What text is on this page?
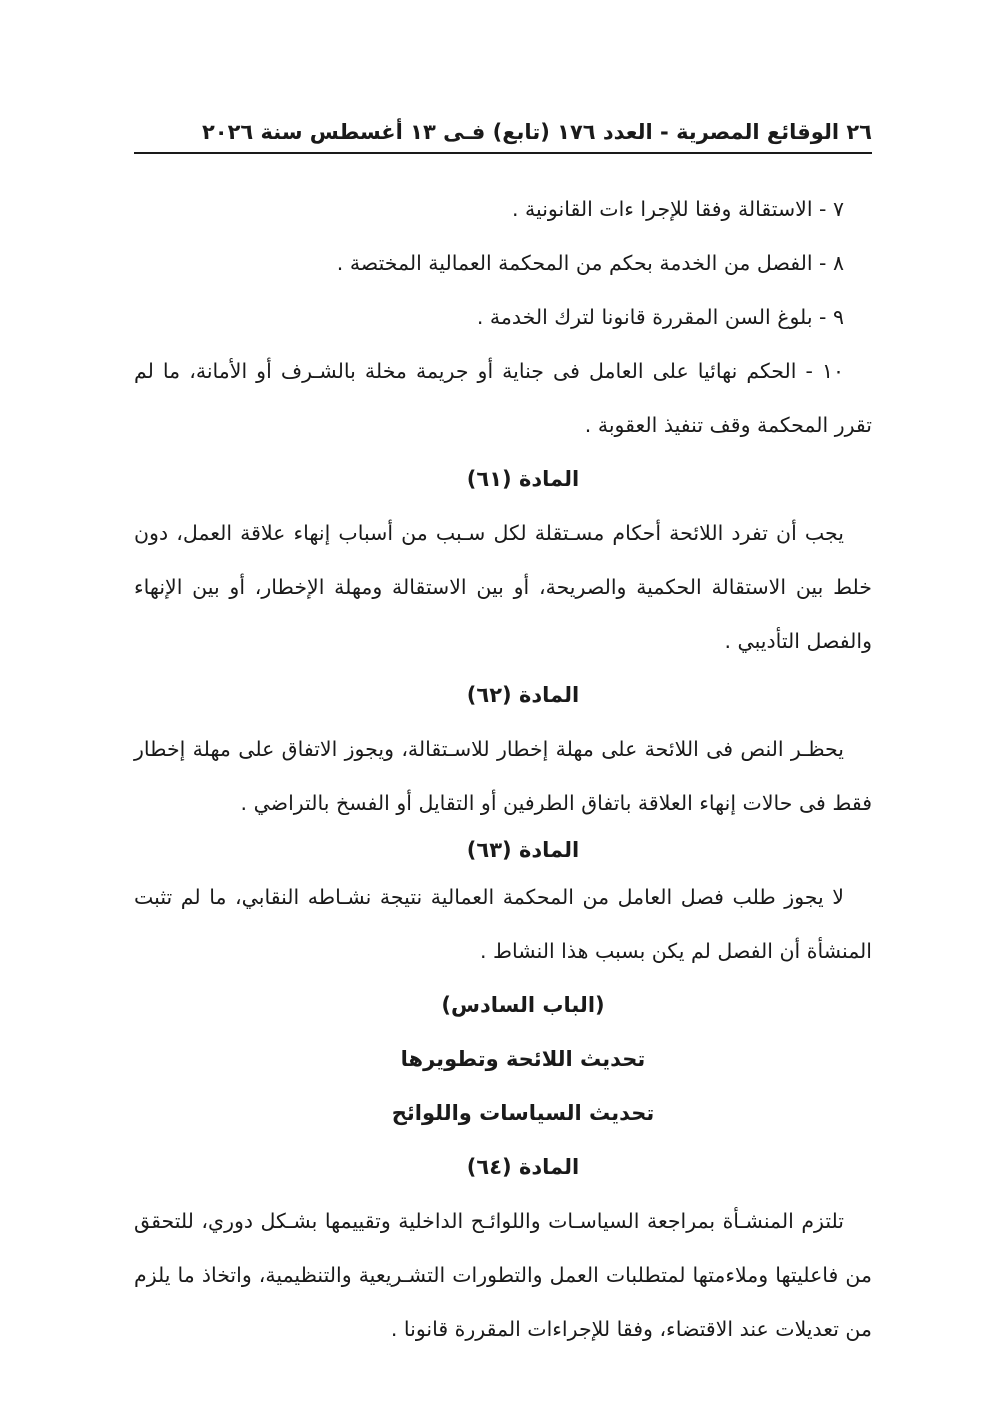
٢٦ الوقائع المصرية - العدد ١٧٦ (تابع) فـى ١٣ أغسطس سنة ٢٠٢٦

٧ - الاستقالة وفقا للإجرا ءات القانونية .

٨ - الفصل من الخدمة بحكم من المحكمة العمالية المختصة .

٩ - بلوغ السن المقررة قانونا لترك الخدمة .

١٠ - الحكم نهائيا على العامل فى جناية أو جريمة مخلة بالشـرف أو الأمانة، ما لم تقرر المحكمة وقف تنفيذ العقوبة .

المادة (٦١)

يجب أن تفرد اللائحة أحكام مسـتقلة لكل سـبب من أسباب إنهاء علاقة العمل، دون خلط بين الاستقالة الحكمية والصريحة، أو بين الاستقالة ومهلة الإخطار، أو بين الإنهاء والفصل التأديبي .

المادة (٦٢)

يحظـر النص فى اللائحة على مهلة إخطار للاسـتقالة، ويجوز الاتفاق على مهلة إخطار فقط فى حالات إنهاء العلاقة باتفاق الطرفين أو التقايل أو الفسخ بالتراضي .

المادة (٦٣)

لا يجوز طلب فصل العامل من المحكمة العمالية نتيجة نشـاطه النقابي، ما لم تثبت المنشأة أن الفصل لم يكن بسبب هذا النشاط .

(الباب السادس)

تحديث اللائحة وتطويرها

تحديث السياسات واللوائح

المادة (٦٤)

تلتزم المنشـأة بمراجعة السياسـات واللوائـح الداخلية وتقييمها بشـكل دوري، للتحقق من فاعليتها وملاءمتها لمتطلبات العمل والتطورات التشـريعية والتنظيمية، واتخاذ ما يلزم من تعديلات عند الاقتضاء، وفقا للإجراءات المقررة قانونا .
